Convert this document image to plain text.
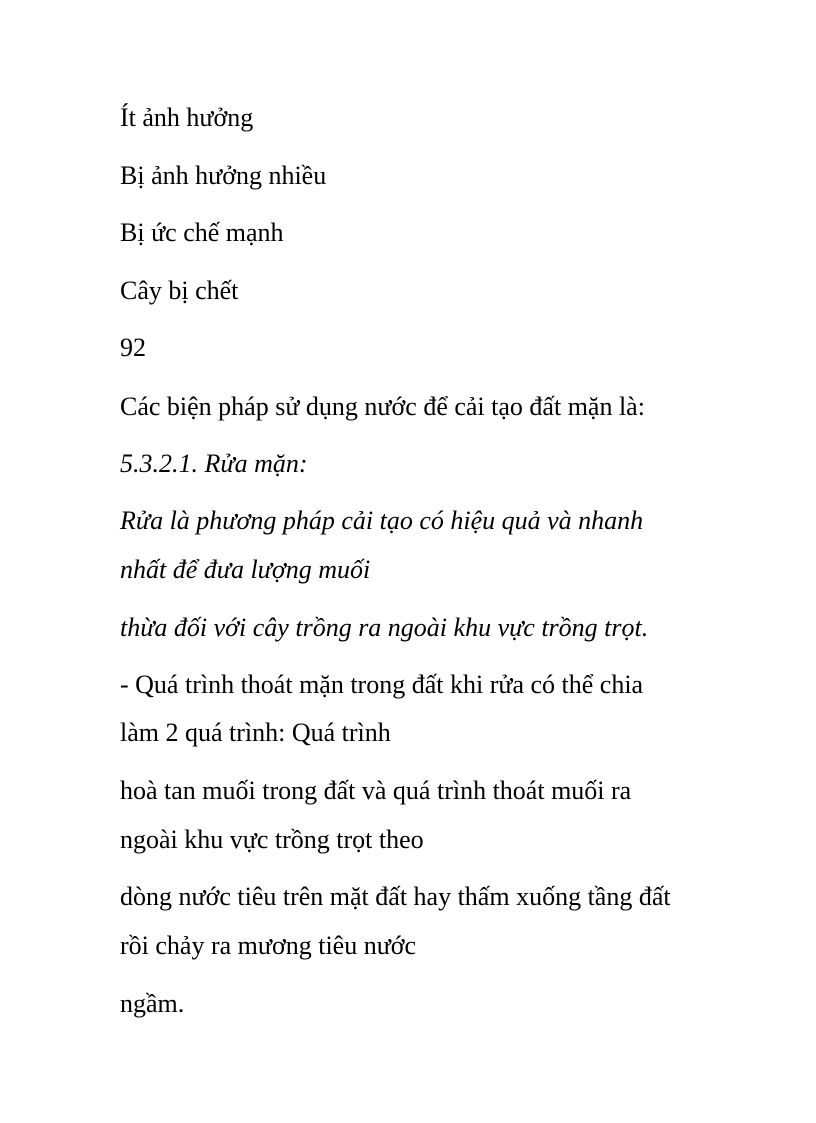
Ít ảnh hưởng
Bị ảnh hưởng nhiều
Bị ức chế mạnh
Cây bị chết
92
Các biện pháp sử dụng nước để cải tạo đất mặn là:
5.3.2.1. Rửa mặn:
Rửa là phương pháp cải tạo có hiệu quả và nhanh
nhất để đưa lượng muối
thừa đối với cây trồng ra ngoài khu vực trồng trọt.
- Quá trình thoát mặn trong đất khi rửa có thể chia
làm 2 quá trình: Quá trình
hoà tan muối trong đất và quá trình thoát muối ra
ngoài khu vực trồng trọt theo
dòng nước tiêu trên mặt đất hay thấm xuống tầng đất
rồi chảy ra mương tiêu nước
ngầm.
